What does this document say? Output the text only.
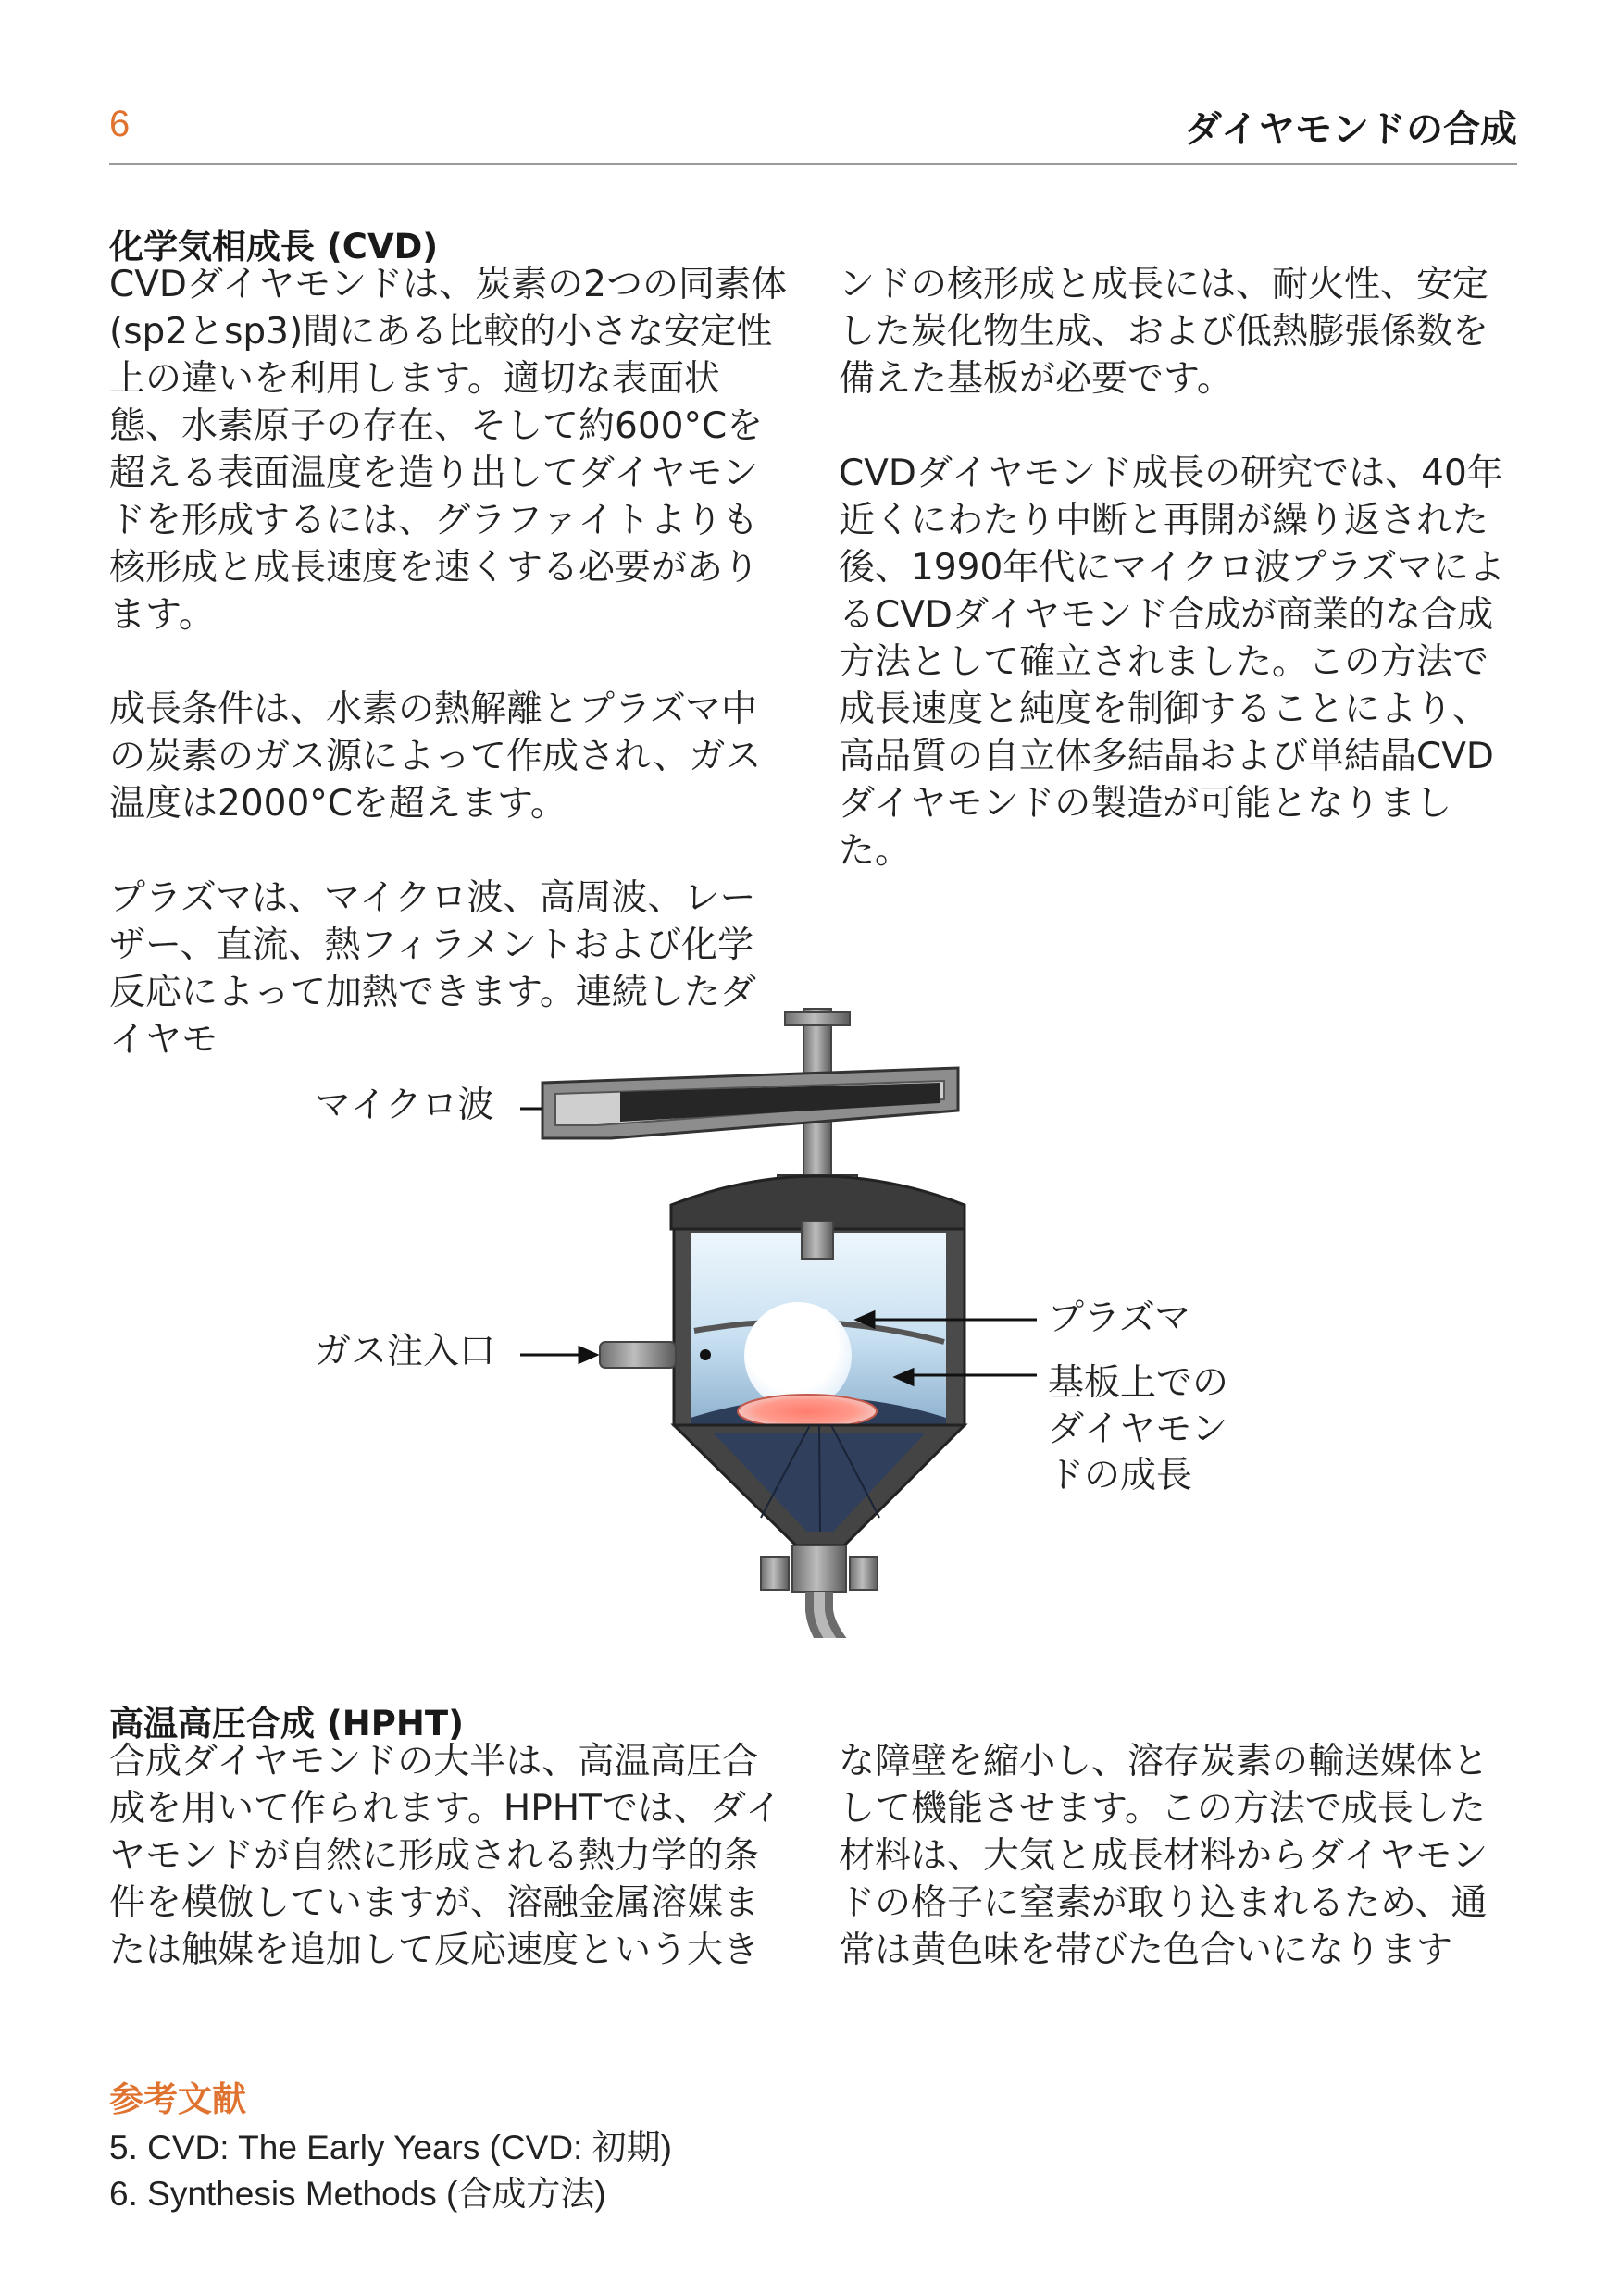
6	ダイヤモンドの合成
化学気相成長 (CVD)

CVDダイヤモンドは、炭素の2つの同素体(sp2とsp3)間にある比較的小さな安定性上の違いを利用します。適切な表面状態、水素原子の存在、そして約600°Cを超える表面温度を造り出してダイヤモンドを形成するには、グラファイトよりも核形成と成長速度を速くする必要があります。

成長条件は、水素の熱解離とプラズマ中の炭素のガス源によって作成され、ガス温度は2000°Cを超えます。

プラズマは、マイクロ波、高周波、レーザー、直流、熱フィラメントおよび化学反応によって加熱できます。連続したダイヤモ

ンドの核形成と成長には、耐火性、安定した炭化物生成、および低熱膨張係数を備えた基板が必要です。

CVDダイヤモンド成長の研究では、40年近くにわたり中断と再開が繰り返された後、1990年代にマイクロ波プラズマによるCVDダイヤモンド合成が商業的な合成方法として確立されました。この方法で成長速度と純度を制御することにより、高品質の自立体多結晶および単結晶CVDダイヤモンドの製造が可能となりました。

マイクロ波
ガス注入口
プラズマ
基板上での
ダイヤモン
ドの成長
高温高圧合成 (HPHT)

合成ダイヤモンドの大半は、高温高圧合成を用いて作られます。HPHTでは、ダイヤモンドが自然に形成される熱力学的条件を模倣していますが、溶融金属溶媒または触媒を追加して反応速度という大き

な障壁を縮小し、溶存炭素の輸送媒体として機能させます。この方法で成長した材料は、大気と成長材料からダイヤモンドの格子に窒素が取り込まれるため、通常は黄色味を帯びた色合いになります

参考文献
5. CVD: The Early Years (CVD: 初期)
6. Synthesis Methods (合成方法)
